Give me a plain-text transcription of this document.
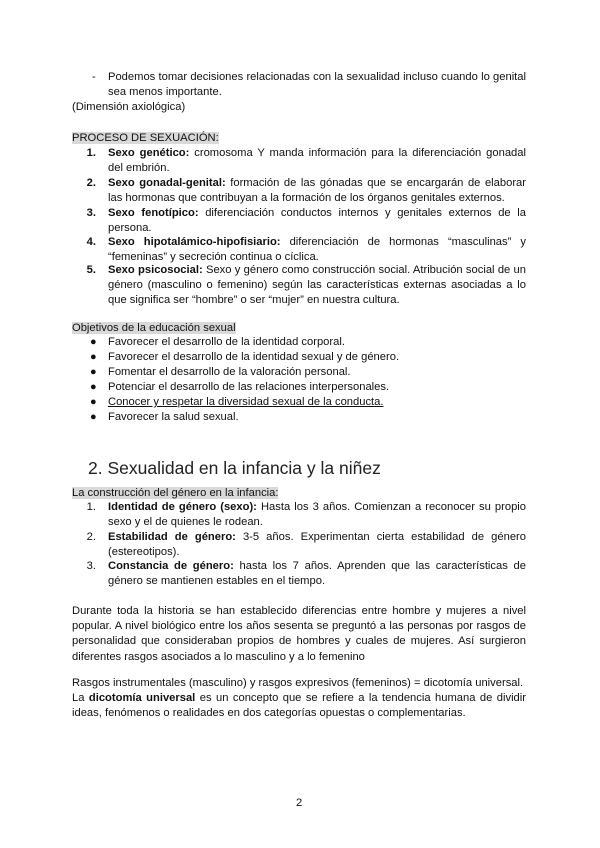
- Podemos tomar decisiones relacionadas con la sexualidad incluso cuando lo genital sea menos importante.
(Dimensión axiológica)
PROCESO DE SEXUACIÓN:
1. Sexo genético: cromosoma Y manda información para la diferenciación gonadal del embrión.
2. Sexo gonadal-genital: formación de las gónadas que se encargarán de elaborar las hormonas que contribuyan a la formación de los órganos genitales externos.
3. Sexo fenotípico: diferenciación conductos internos y genitales externos de la persona.
4. Sexo hipotalámico-hipofisiario: diferenciación de hormonas “masculinas” y “femeninas” y secreción continua o cíclica.
5. Sexo psicosocial: Sexo y género como construcción social. Atribución social de un género (masculino o femenino) según las características externas asociadas a lo que significa ser “hombre” o ser “mujer” en nuestra cultura.
Objetivos de la educación sexual
● Favorecer el desarrollo de la identidad corporal.
● Favorecer el desarrollo de la identidad sexual y de género.
● Fomentar el desarrollo de la valoración personal.
● Potenciar el desarrollo de las relaciones interpersonales.
● Conocer y respetar la diversidad sexual de la conducta.
● Favorecer la salud sexual.
2. Sexualidad en la infancia y la niñez
La construcción del género en la infancia:
1. Identidad de género (sexo): Hasta los 3 años. Comienzan a reconocer su propio sexo y el de quienes le rodean.
2. Estabilidad de género: 3-5 años. Experimentan cierta estabilidad de género (estereotipos).
3. Constancia de género: hasta los 7 años. Aprenden que las características de género se mantienen estables en el tiempo.
Durante toda la historia se han establecido diferencias entre hombre y mujeres a nivel popular. A nivel biológico entre los años sesenta se preguntó a las personas por rasgos de personalidad que consideraban propios de hombres y cuales de mujeres. Así surgieron diferentes rasgos asociados a lo masculino y a lo femenino
Rasgos instrumentales (masculino) y rasgos expresivos (femeninos) = dicotomía universal.
La dicotomía universal es un concepto que se refiere a la tendencia humana de dividir ideas, fenómenos o realidades en dos categorías opuestas o complementarias.
2
